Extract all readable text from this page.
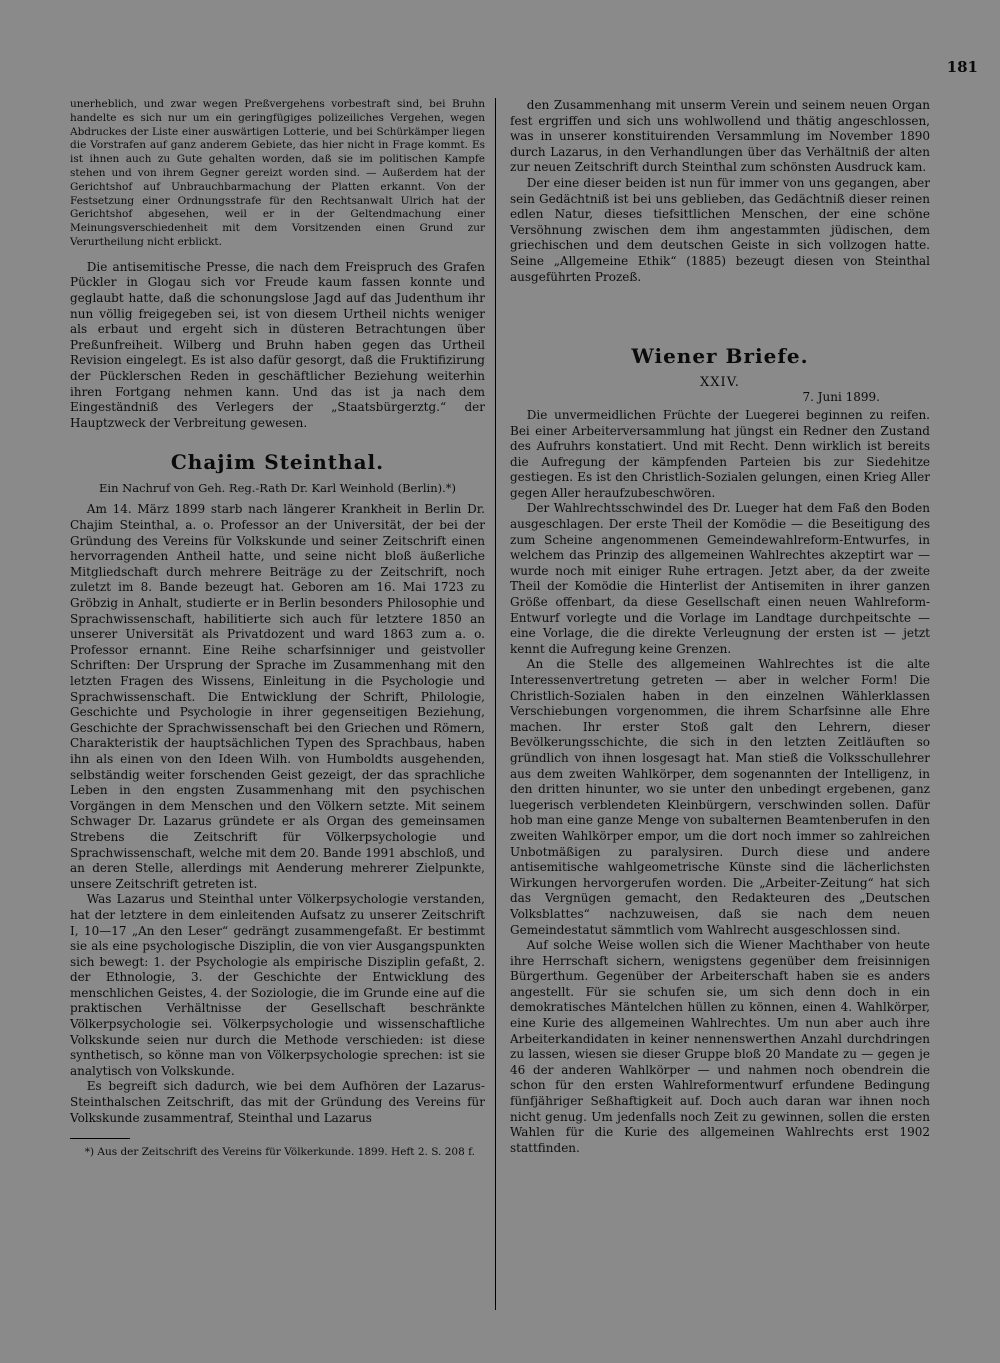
181

unerheblich, und zwar wegen Preßvergehens vorbestraft sind, bei Bruhn handelte es sich nur um ein geringfügiges polizeiliches Vergehen, wegen Abdruckes der Liste einer auswärtigen Lotterie, und bei Schürkämper liegen die Vorstrafen auf ganz anderem Gebiete, das hier nicht in Frage kommt. Es ist ihnen auch zu Gute gehalten worden, daß sie im politischen Kampfe stehen und von ihrem Gegner gereizt worden sind. — Außerdem hat der Gerichtshof auf Unbrauchbarmachung der Platten erkannt. Von der Festsetzung einer Ordnungsstrafe für den Rechtsanwalt Ulrich hat der Gerichtshof abgesehen, weil er in der Geltendmachung einer Meinungsverschiedenheit mit dem Vorsitzenden einen Grund zur Verurtheilung nicht erblickt.

Die antisemitische Presse, die nach dem Freispruch des Grafen Pückler in Glogau sich vor Freude kaum fassen konnte und geglaubt hatte, daß die schonungslose Jagd auf das Judenthum ihr nun völlig freigegeben sei, ist von diesem Urtheil nichts weniger als erbaut und ergeht sich in düsteren Betrachtungen über Preßunfreiheit. Wilberg und Bruhn haben gegen das Urtheil Revision eingelegt. Es ist also dafür gesorgt, daß die Fruktifizirung der Pücklerschen Reden in geschäftlicher Beziehung weiterhin ihren Fortgang nehmen kann. Und das ist ja nach dem Eingeständniß des Verlegers der „Staatsbürgerztg.“ der Hauptzweck der Verbreitung gewesen.

Chajim Steinthal.
Ein Nachruf von Geh. Reg.-Rath Dr. Karl Weinhold (Berlin).*)

Am 14. März 1899 starb nach längerer Krankheit in Berlin Dr. Chajim Steinthal, a. o. Professor an der Universität, der bei der Gründung des Vereins für Volkskunde und seiner Zeitschrift einen hervorragenden Antheil hatte, und seine nicht bloß äußerliche Mitgliedschaft durch mehrere Beiträge zu der Zeitschrift, noch zuletzt im 8. Bande bezeugt hat. Geboren am 16. Mai 1723 zu Gröbzig in Anhalt, studierte er in Berlin besonders Philosophie und Sprachwissenschaft, habilitierte sich auch für letztere 1850 an unserer Universität als Privatdozent und ward 1863 zum a. o. Professor ernannt. Eine Reihe scharfsinniger und geistvoller Schriften: Der Ursprung der Sprache im Zusammenhang mit den letzten Fragen des Wissens, Einleitung in die Psychologie und Sprachwissenschaft. Die Entwicklung der Schrift, Philologie, Geschichte und Psychologie in ihrer gegenseitigen Beziehung, Geschichte der Sprachwissenschaft bei den Griechen und Römern, Charakteristik der hauptsächlichen Typen des Sprachbaus, haben ihn als einen von den Ideen Wilh. von Humboldts ausgehenden, selbständig weiter forschenden Geist gezeigt, der das sprachliche Leben in den engsten Zusammenhang mit den psychischen Vorgängen in dem Menschen und den Völkern setzte. Mit seinem Schwager Dr. Lazarus gründete er als Organ des gemeinsamen Strebens die Zeitschrift für Völkerpsychologie und Sprachwissenschaft, welche mit dem 20. Bande 1991 abschloß, und an deren Stelle, allerdings mit Aenderung mehrerer Zielpunkte, unsere Zeitschrift getreten ist.

Was Lazarus und Steinthal unter Völkerpsychologie verstanden, hat der letztere in dem einleitenden Aufsatz zu unserer Zeitschrift I, 10—17 „An den Leser“ gedrängt zusammengefaßt. Er bestimmt sie als eine psychologische Disziplin, die von vier Ausgangspunkten sich bewegt: 1. der Psychologie als empirische Disziplin gefaßt, 2. der Ethnologie, 3. der Geschichte der Entwicklung des menschlichen Geistes, 4. der Soziologie, die im Grunde eine auf die praktischen Verhältnisse der Gesellschaft beschränkte Völkerpsychologie sei. Völkerpsychologie und wissenschaftliche Volkskunde seien nur durch die Methode verschieden: ist diese synthetisch, so könne man von Völkerpsychologie sprechen: ist sie analytisch von Volkskunde.

Es begreift sich dadurch, wie bei dem Aufhören der Lazarus-Steinthalschen Zeitschrift, das mit der Gründung des Vereins für Volkskunde zusammentraf, Steinthal und Lazarus

*) Aus der Zeitschrift des Vereins für Völkerkunde. 1899. Heft 2. S. 208 f.

den Zusammenhang mit unserm Verein und seinem neuen Organ fest ergriffen und sich uns wohlwollend und thätig angeschlossen, was in unserer konstituirenden Versammlung im November 1890 durch Lazarus, in den Verhandlungen über das Verhältniß der alten zur neuen Zeitschrift durch Steinthal zum schönsten Ausdruck kam.

Der eine dieser beiden ist nun für immer von uns gegangen, aber sein Gedächtniß ist bei uns geblieben, das Gedächtniß dieser reinen edlen Natur, dieses tiefsittlichen Menschen, der eine schöne Versöhnung zwischen dem ihm angestammten jüdischen, dem griechischen und dem deutschen Geiste in sich vollzogen hatte. Seine „Allgemeine Ethik“ (1885) bezeugt diesen von Steinthal ausgeführten Prozeß.

Wiener Briefe.
XXIV.
7. Juni 1899.

Die unvermeidlichen Früchte der Luegerei beginnen zu reifen. Bei einer Arbeiterversammlung hat jüngst ein Redner den Zustand des Aufruhrs konstatiert. Und mit Recht. Denn wirklich ist bereits die Aufregung der kämpfenden Parteien bis zur Siedehitze gestiegen. Es ist den Christlich-Sozialen gelungen, einen Krieg Aller gegen Aller heraufzubeschwören.

Der Wahlrechtsschwindel des Dr. Lueger hat dem Faß den Boden ausgeschlagen. Der erste Theil der Komödie — die Beseitigung des zum Scheine angenommenen Gemeindewahlreform-Entwurfes, in welchem das Prinzip des allgemeinen Wahlrechtes akzeptirt war — wurde noch mit einiger Ruhe ertragen. Jetzt aber, da der zweite Theil der Komödie die Hinterlist der Antisemiten in ihrer ganzen Größe offenbart, da diese Gesellschaft einen neuen Wahlreform-Entwurf vorlegte und die Vorlage im Landtage durchpeitschte — eine Vorlage, die die direkte Verleugnung der ersten ist — jetzt kennt die Aufregung keine Grenzen.

An die Stelle des allgemeinen Wahlrechtes ist die alte Interessenvertretung getreten — aber in welcher Form! Die Christlich-Sozialen haben in den einzelnen Wählerklassen Verschiebungen vorgenommen, die ihrem Scharfsinne alle Ehre machen. Ihr erster Stoß galt den Lehrern, dieser Bevölkerungsschichte, die sich in den letzten Zeitläuften so gründlich von ihnen losgesagt hat. Man stieß die Volksschullehrer aus dem zweiten Wahlkörper, dem sogenannten der Intelligenz, in den dritten hinunter, wo sie unter den unbedingt ergebenen, ganz luegerisch verblendeten Kleinbürgern, verschwinden sollen. Dafür hob man eine ganze Menge von subalternen Beamtenberufen in den zweiten Wahlkörper empor, um die dort noch immer so zahlreichen Unbotmäßigen zu paralysiren. Durch diese und andere antisemitische wahlgeometrische Künste sind die lächerlichsten Wirkungen hervorgerufen worden. Die „Arbeiter-Zeitung“ hat sich das Vergnügen gemacht, den Redakteuren des „Deutschen Volksblattes“ nachzuweisen, daß sie nach dem neuen Gemeindestatut sämmtlich vom Wahlrecht ausgeschlossen sind.

Auf solche Weise wollen sich die Wiener Machthaber von heute ihre Herrschaft sichern, wenigstens gegenüber dem freisinnigen Bürgerthum. Gegenüber der Arbeiterschaft haben sie es anders angestellt. Für sie schufen sie, um sich denn doch in ein demokratisches Mäntelchen hüllen zu können, einen 4. Wahlkörper, eine Kurie des allgemeinen Wahlrechtes. Um nun aber auch ihre Arbeiterkandidaten in keiner nennenswerthen Anzahl durchdringen zu lassen, wiesen sie dieser Gruppe bloß 20 Mandate zu — gegen je 46 der anderen Wahlkörper — und nahmen noch obendrein die schon für den ersten Wahlreformentwurf erfundene Bedingung fünfjähriger Seßhaftigkeit auf. Doch auch daran war ihnen noch nicht genug. Um jedenfalls noch Zeit zu gewinnen, sollen die ersten Wahlen für die Kurie des allgemeinen Wahlrechts erst 1902 stattfinden.
